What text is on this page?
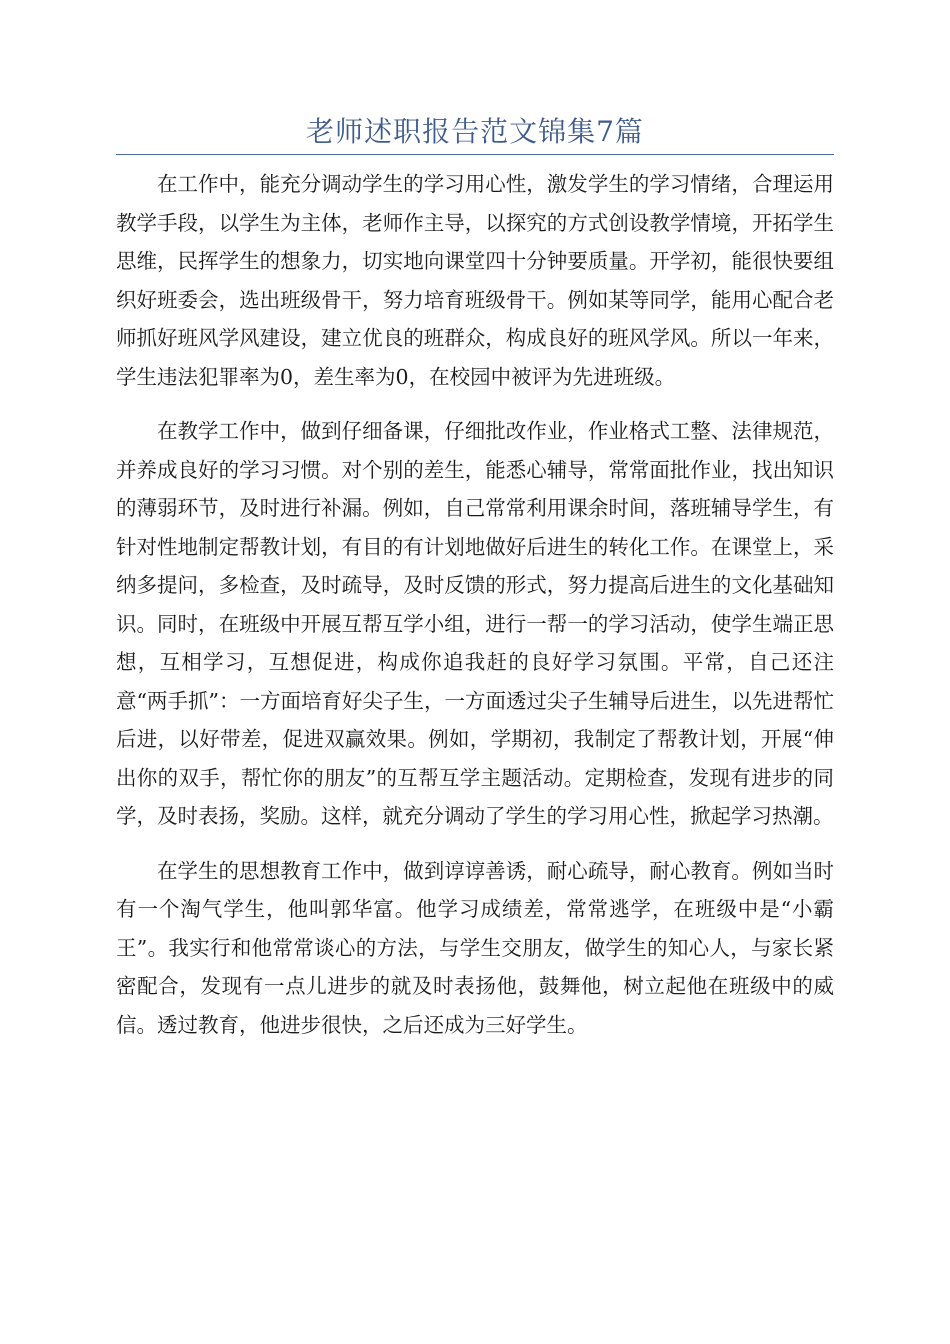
老师述职报告范文锦集7篇

在工作中，能充分调动学生的学习用心性，激发学生的学习情绪，合理运用教学手段，以学生为主体，老师作主导，以探究的方式创设教学情境，开拓学生思维，民挥学生的想象力，切实地向课堂四十分钟要质量。开学初，能很快要组织好班委会，选出班级骨干，努力培育班级骨干。例如某等同学，能用心配合老师抓好班风学风建设，建立优良的班群众，构成良好的班风学风。所以一年来，学生违法犯罪率为0，差生率为0，在校园中被评为先进班级。

在教学工作中，做到仔细备课，仔细批改作业，作业格式工整、法律规范，并养成良好的学习习惯。对个别的差生，能悉心辅导，常常面批作业，找出知识的薄弱环节，及时进行补漏。例如，自己常常利用课余时间，落班辅导学生，有针对性地制定帮教计划，有目的有计划地做好后进生的转化工作。在课堂上，采纳多提问，多检查，及时疏导，及时反馈的形式，努力提高后进生的文化基础知识。同时，在班级中开展互帮互学小组，进行一帮一的学习活动，使学生端正思想，互相学习，互想促进，构成你追我赶的良好学习氛围。平常，自己还注意“两手抓”：一方面培育好尖子生，一方面透过尖子生辅导后进生，以先进帮忙后进，以好带差，促进双赢效果。例如，学期初，我制定了帮教计划，开展“伸出你的双手，帮忙你的朋友”的互帮互学主题活动。定期检查，发现有进步的同学，及时表扬，奖励。这样，就充分调动了学生的学习用心性，掀起学习热潮。

在学生的思想教育工作中，做到谆谆善诱，耐心疏导，耐心教育。例如当时有一个淘气学生，他叫郭华富。他学习成绩差，常常逃学，在班级中是“小霸王”。我实行和他常常谈心的方法，与学生交朋友，做学生的知心人，与家长紧密配合，发现有一点儿进步的就及时表扬他，鼓舞他，树立起他在班级中的威信。透过教育，他进步很快，之后还成为三好学生。
